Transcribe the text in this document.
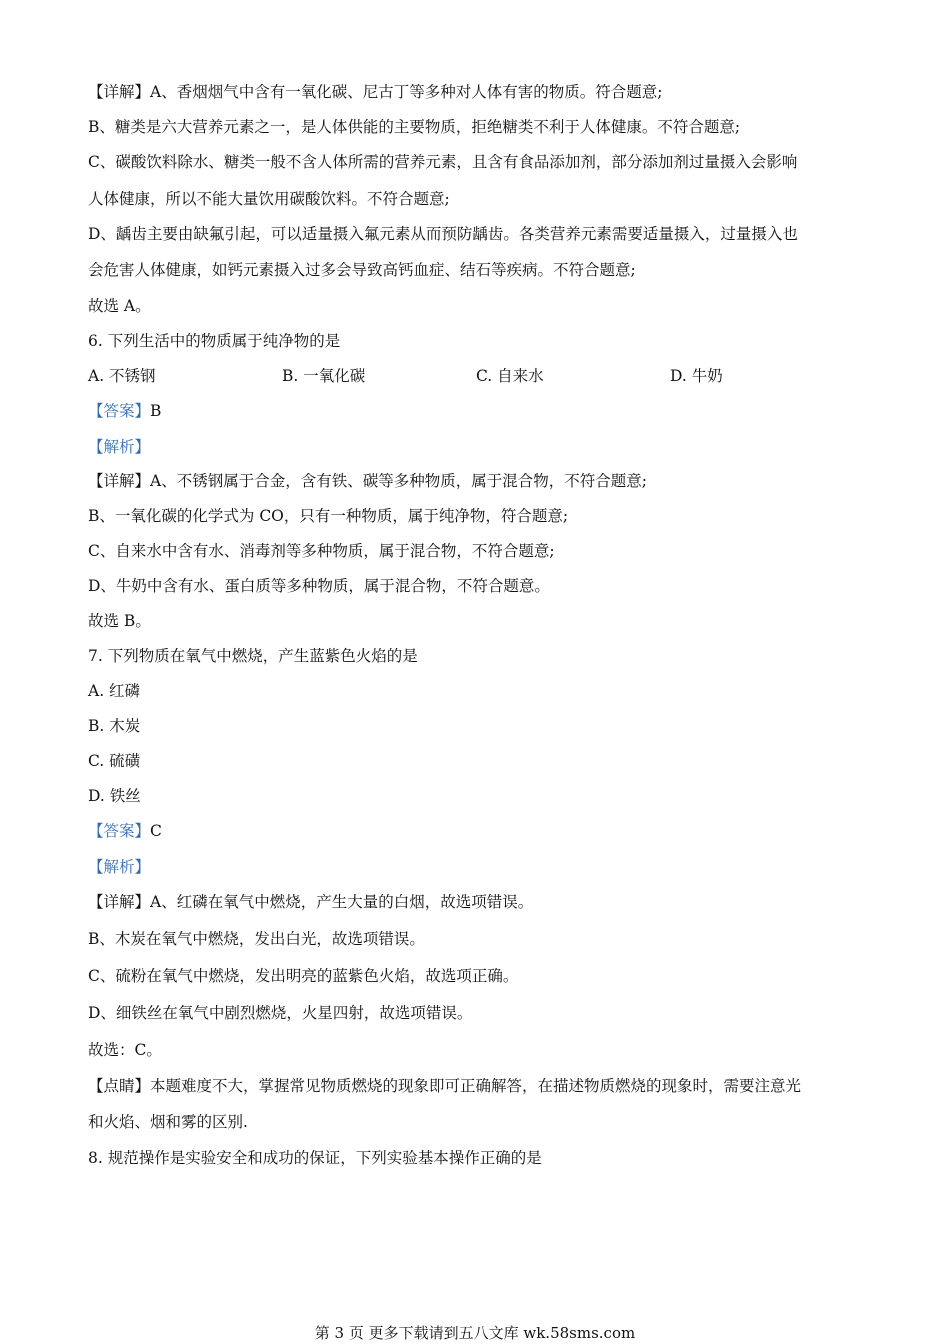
【详解】A、香烟烟气中含有一氧化碳、尼古丁等多种对人体有害的物质。符合题意;
B、糖类是六大营养元素之一，是人体供能的主要物质，拒绝糖类不利于人体健康。不符合题意;
C、碳酸饮料除水、糖类一般不含人体所需的营养元素，且含有食品添加剂，部分添加剂过量摄入会影响
人体健康，所以不能大量饮用碳酸饮料。不符合题意;
D、龋齿主要由缺氟引起，可以适量摄入氟元素从而预防龋齿。各类营养元素需要适量摄入，过量摄入也
会危害人体健康，如钙元素摄入过多会导致高钙血症、结石等疾病。不符合题意;
故选 A。
6. 下列生活中的物质属于纯净物的是
A. 不锈钢	B. 一氧化碳	C. 自来水	D. 牛奶
【答案】B
【解析】
【详解】A、不锈钢属于合金，含有铁、碳等多种物质，属于混合物，不符合题意;
B、一氧化碳的化学式为 CO，只有一种物质，属于纯净物，符合题意;
C、自来水中含有水、消毒剂等多种物质，属于混合物，不符合题意;
D、牛奶中含有水、蛋白质等多种物质，属于混合物，不符合题意。
故选 B。
7. 下列物质在氧气中燃烧，产生蓝紫色火焰的是
A. 红磷
B. 木炭
C. 硫磺
D. 铁丝
【答案】C
【解析】
【详解】A、红磷在氧气中燃烧，产生大量的白烟，故选项错误。
B、木炭在氧气中燃烧，发出白光，故选项错误。
C、硫粉在氧气中燃烧，发出明亮的蓝紫色火焰，故选项正确。
D、细铁丝在氧气中剧烈燃烧，火星四射，故选项错误。
故选：C。
【点睛】本题难度不大，掌握常见物质燃烧的现象即可正确解答，在描述物质燃烧的现象时，需要注意光
和火焰、烟和雾的区别.
8. 规范操作是实验安全和成功的保证，下列实验基本操作正确的是
第 3 页 更多下载请到五八文库 wk.58sms.com
